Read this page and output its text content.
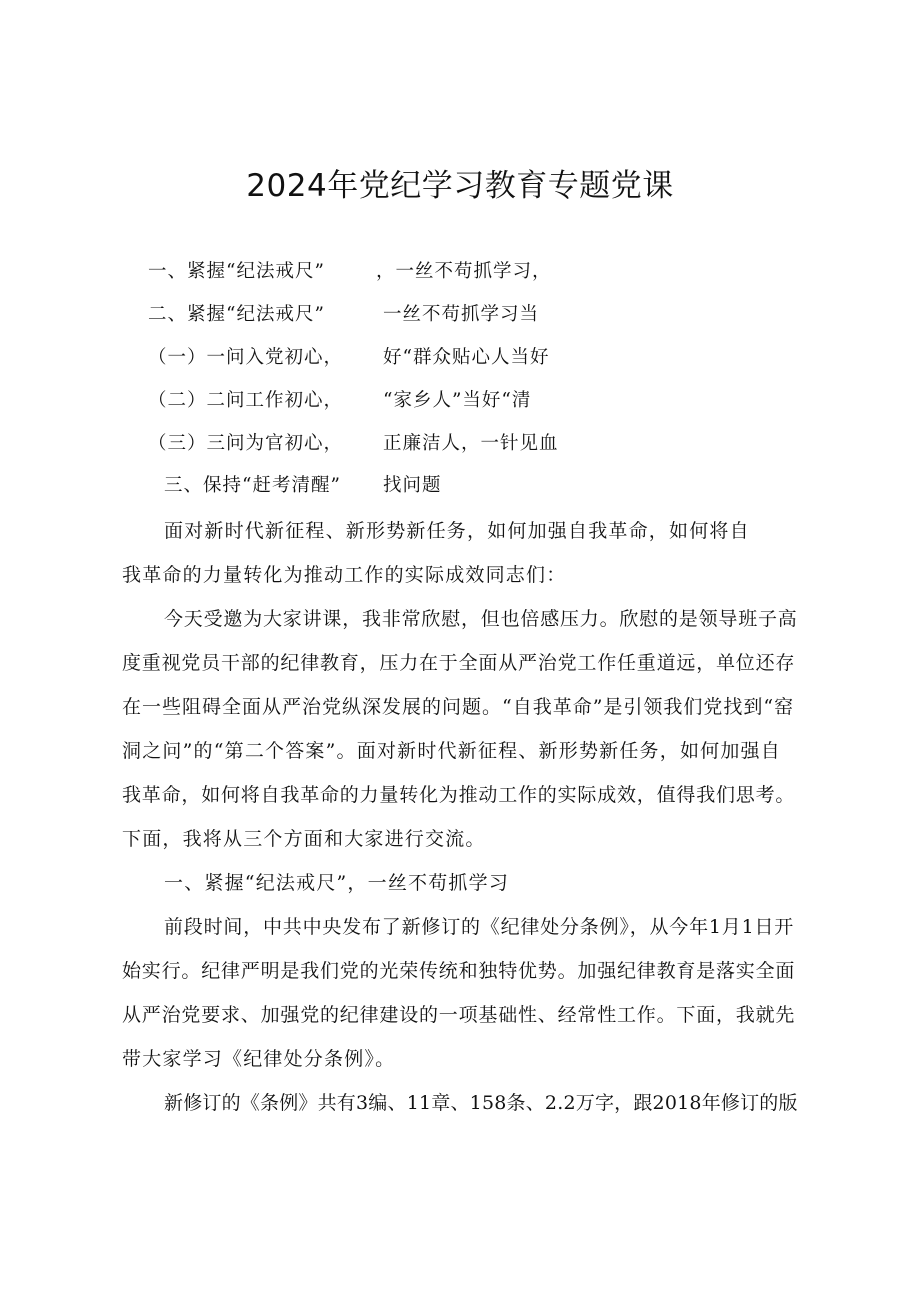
2024年党纪学习教育专题党课
一、紧握“纪法戒尺”
二、紧握“纪法戒尺”
（一）一问入党初心，
（二）二问工作初心，
（三）三问为官初心，
三、保持“赶考清醒”
，一丝不苟抓学习，
一丝不苟抓学习当
好“群众贴心人当好
“家乡人”当好“清
正廉洁人，一针见血
找问题
面对新时代新征程、新形势新任务，如何加强自我革命，如何将自
我革命的力量转化为推动工作的实际成效同志们：
今天受邀为大家讲课，我非常欣慰，但也倍感压力。欣慰的是领导班子高
度重视党员干部的纪律教育，压力在于全面从严治党工作任重道远，单位还存
在一些阻碍全面从严治党纵深发展的问题。“自我革命”是引领我们党找到“窑
洞之问”的“第二个答案”。面对新时代新征程、新形势新任务，如何加强自
我革命，如何将自我革命的力量转化为推动工作的实际成效，值得我们思考。
下面，我将从三个方面和大家进行交流。
一、紧握“纪法戒尺”，一丝不苟抓学习
前段时间，中共中央发布了新修订的《纪律处分条例》，从今年1月1日开
始实行。纪律严明是我们党的光荣传统和独特优势。加强纪律教育是落实全面
从严治党要求、加强党的纪律建设的一项基础性、经常性工作。下面，我就先
带大家学习《纪律处分条例》。
新修订的《条例》共有3编、11章、158条、2.2万字，跟2018年修订的版
